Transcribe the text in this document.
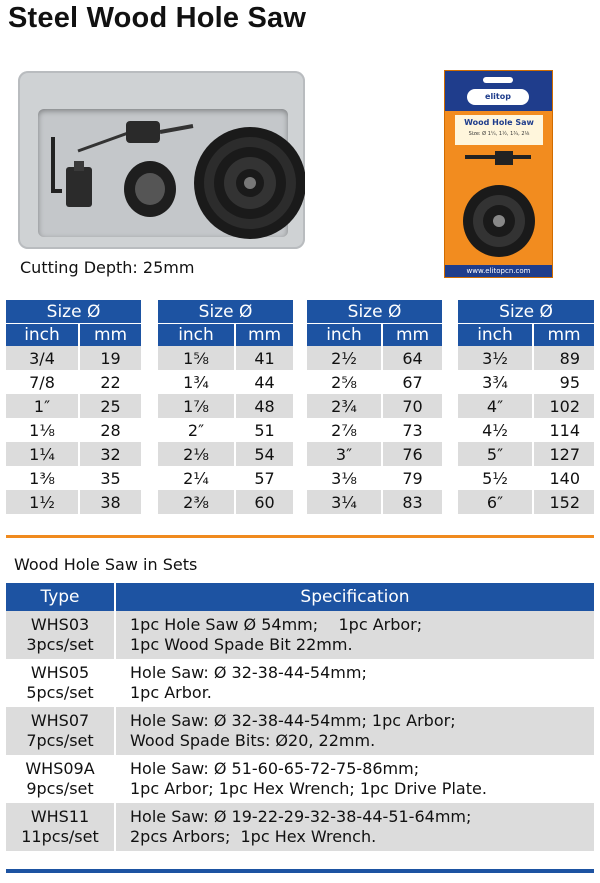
Steel Wood Hole Saw
Cutting Depth: 25mm
elitop
Wood Hole Saw
Size: Ø 1¼, 1½, 1¾, 2⅛
www.elitopcn.com
Size Ø	
inch	mm
3/4	19
7/8	22
1″	25
1⅛	28
1¼	32
1⅜	35
1½	38
Size Ø	
inch	mm
1⅝	41
1¾	44
1⅞	48
2″	51
2⅛	54
2¼	57
2⅜	60
Size Ø	
inch	mm
2½	64
2⅝	67
2¾	70
2⅞	73
3″	76
3⅛	79
3¼	83
Size Ø	
inch	mm
3½	89
3¾	95
4″	102
4½	114
5″	127
5½	140
6″	152
Wood Hole Saw in Sets
Type	Specification
WHS03
3pcs/set	1pc Hole Saw Ø 54mm;    1pc Arbor;
1pc Wood Spade Bit 22mm.
WHS05
5pcs/set	Hole Saw: Ø 32-38-44-54mm;
1pc Arbor.
WHS07
7pcs/set	Hole Saw: Ø 32-38-44-54mm; 1pc Arbor;
Wood Spade Bits: Ø20, 22mm.
WHS09A
9pcs/set	Hole Saw: Ø 51-60-65-72-75-86mm;
1pc Arbor; 1pc Hex Wrench; 1pc Drive Plate.
WHS11
11pcs/set	Hole Saw: Ø 19-22-29-32-38-44-51-64mm;
2pcs Arbors;  1pc Hex Wrench.
